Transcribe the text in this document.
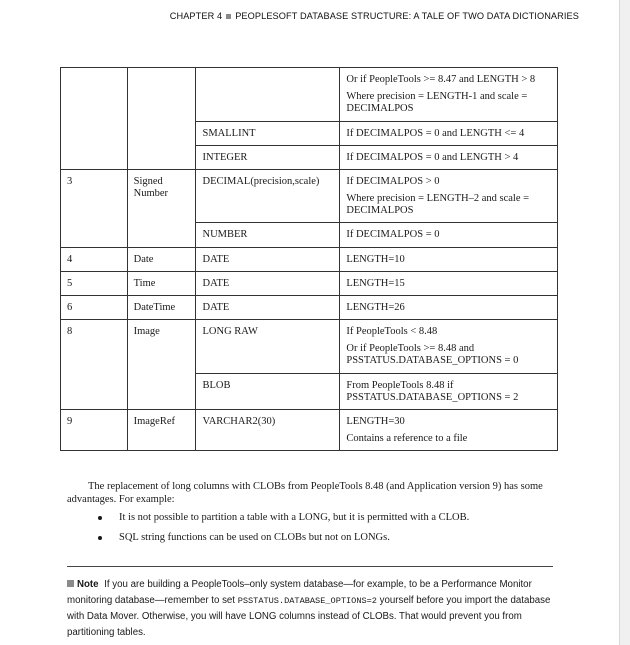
CHAPTER 4 PEOPLESOFT DATABASE STRUCTURE: A TALE OF TWO DATA DICTIONARIES

			Or if PeopleTools >= 8.47 and LENGTH > 8
Where precision = LENGTH-1 and scale = DECIMALPOS

		SMALLINT	If DECIMALPOS = 0 and LENGTH <= 4

		INTEGER	If DECIMALPOS = 0 and LENGTH > 4

3	Signed Number	DECIMAL(precision,scale)	If DECIMALPOS > 0
Where precision = LENGTH–2 and scale = DECIMALPOS

		NUMBER	If DECIMALPOS = 0

4	Date	DATE	LENGTH=10

5	Time	DATE	LENGTH=15

6	DateTime	DATE	LENGTH=26

8	Image	LONG RAW	If PeopleTools < 8.48
Or if PeopleTools >= 8.48 and PSSTATUS.DATABASE_OPTIONS = 0

		BLOB	From PeopleTools 8.48 if PSSTATUS.DATABASE_OPTIONS = 2

9	ImageRef	VARCHAR2(30)	LENGTH=30
Contains a reference to a file

The replacement of long columns with CLOBs from PeopleTools 8.48 (and Application version 9) has some advantages. For example:

It is not possible to partition a table with a LONG, but it is permitted with a CLOB.
SQL string functions can be used on CLOBs but not on LONGs.
Note If you are building a PeopleTools–only system database—for example, to be a Performance Monitor monitoring database—remember to set PSSTATUS.DATABASE_OPTIONS=2 yourself before you import the database with Data Mover. Otherwise, you will have LONG columns instead of CLOBs. That would prevent you from partitioning tables.
